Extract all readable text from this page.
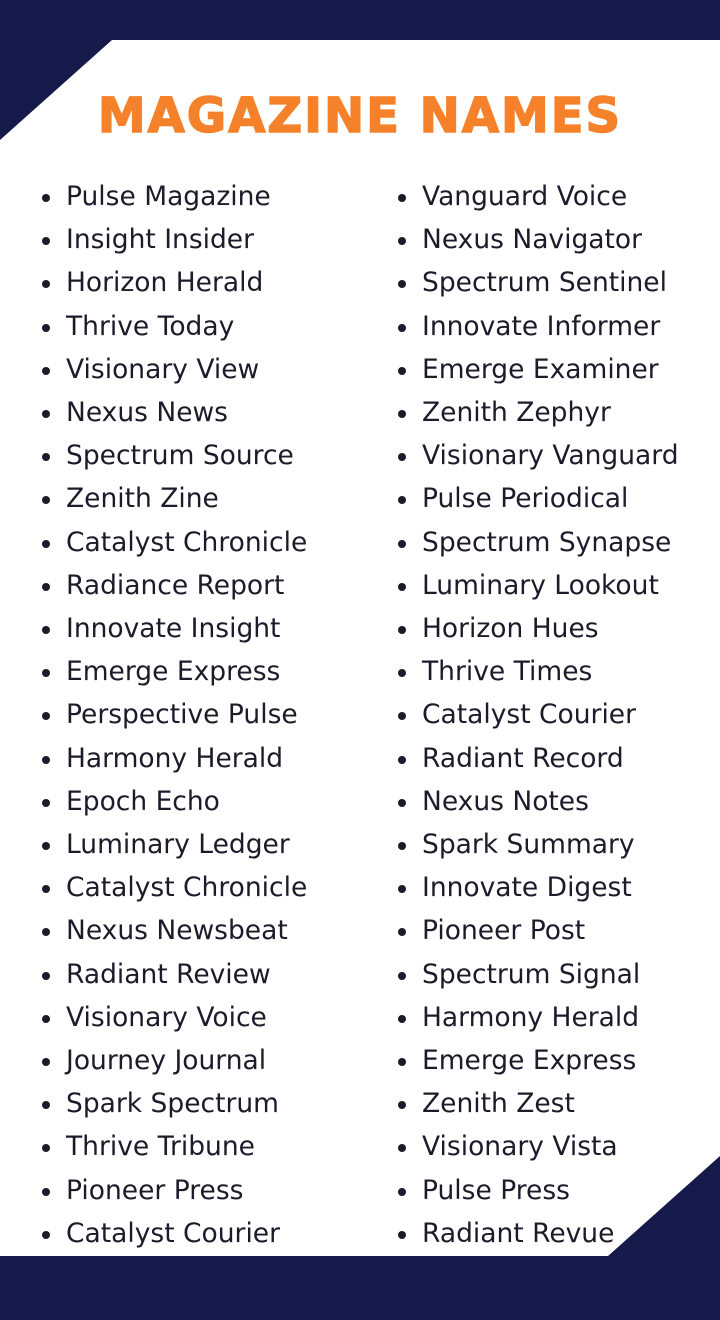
MAGAZINE NAMES
Pulse Magazine
Insight Insider
Horizon Herald
Thrive Today
Visionary View
Nexus News
Spectrum Source
Zenith Zine
Catalyst Chronicle
Radiance Report
Innovate Insight
Emerge Express
Perspective Pulse
Harmony Herald
Epoch Echo
Luminary Ledger
Catalyst Chronicle
Nexus Newsbeat
Radiant Review
Visionary Voice
Journey Journal
Spark Spectrum
Thrive Tribune
Pioneer Press
Catalyst Courier
Vanguard Voice
Nexus Navigator
Spectrum Sentinel
Innovate Informer
Emerge Examiner
Zenith Zephyr
Visionary Vanguard
Pulse Periodical
Spectrum Synapse
Luminary Lookout
Horizon Hues
Thrive Times
Catalyst Courier
Radiant Record
Nexus Notes
Spark Summary
Innovate Digest
Pioneer Post
Spectrum Signal
Harmony Herald
Emerge Express
Zenith Zest
Visionary Vista
Pulse Press
Radiant Revue
